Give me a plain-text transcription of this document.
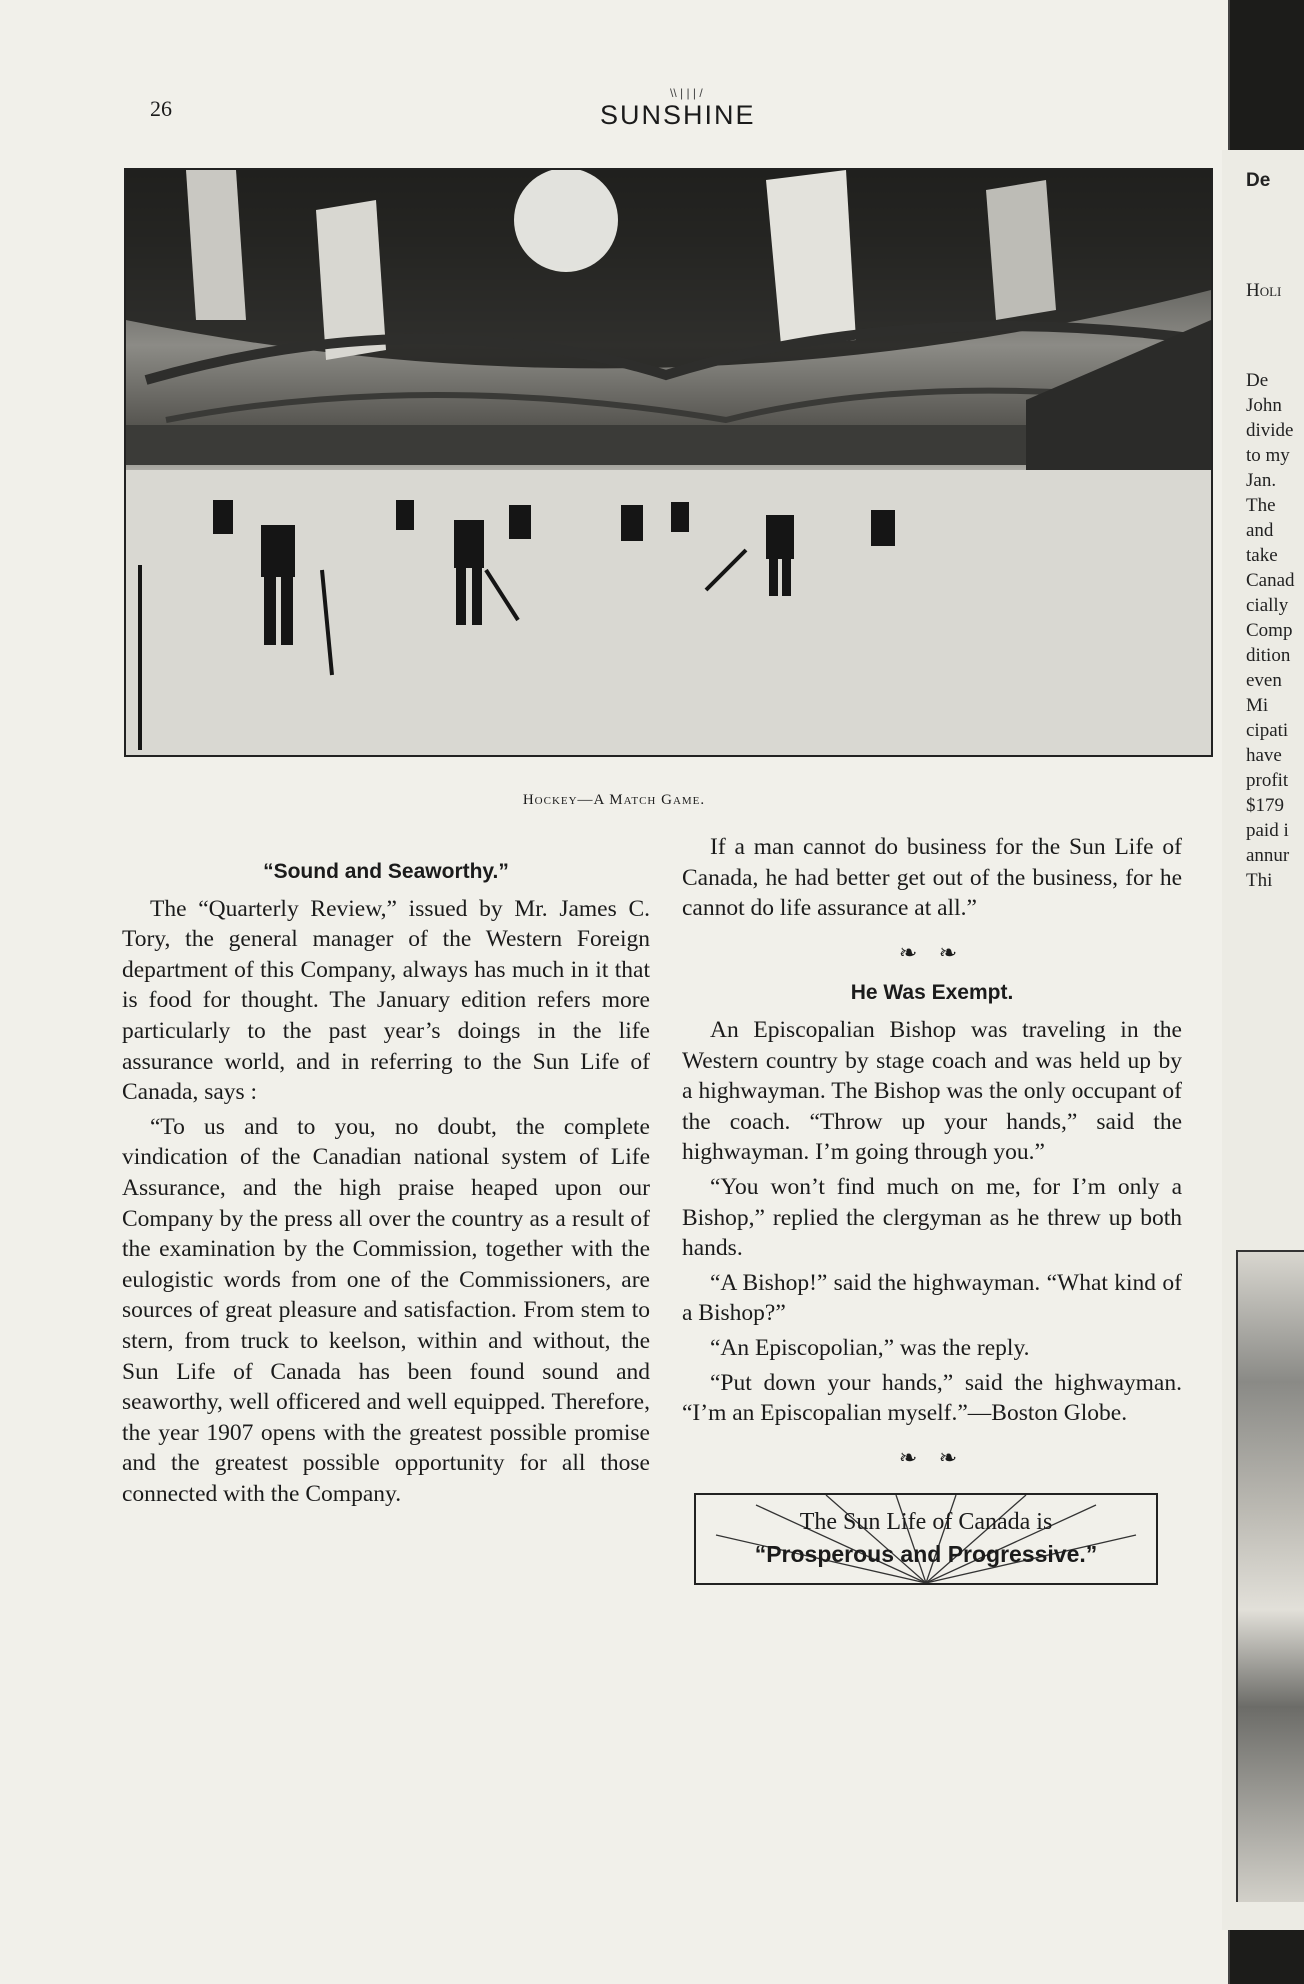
26
\\ | | | /
SUNSHINE
Hockey—A Match Game.

“Sound and Seaworthy.”

The “Quarterly Review,” issued by Mr. James C. Tory, the general manager of the Western Foreign department of this Company, always has much in it that is food for thought. The January edition refers more particularly to the past year’s doings in the life assurance world, and in referring to the Sun Life of Canada, says :

“To us and to you, no doubt, the complete vindication of the Canadian national system of Life Assurance, and the high praise heaped upon our Company by the press all over the country as a result of the examination by the Commission, together with the eulogistic words from one of the Commissioners, are sources of great pleasure and satisfaction. From stem to stern, from truck to keelson, within and without, the Sun Life of Canada has been found sound and seaworthy, well officered and well equipped. Therefore, the year 1907 opens with the greatest possible promise and the greatest possible opportunity for all those connected with the Company.

If a man cannot do business for the Sun Life of Canada, he had better get out of the business, for he cannot do life assurance at all.”

❧ ❧

He Was Exempt.

An Episcopalian Bishop was traveling in the Western country by stage coach and was held up by a highwayman. The Bishop was the only occupant of the coach. “Throw up your hands,” said the highwayman. I’m going through you.”

“You won’t find much on me, for I’m only a Bishop,” replied the clergyman as he threw up both hands.

“A Bishop!” said the highwayman. “What kind of a Bishop?”

“An Episcopolian,” was the reply.

“Put down your hands,” said the highwayman. “I’m an Episcopalian myself.”—Boston Globe.

❧ ❧
The Sun Life of Canada is
“Prosperous and Progressive.”
De
Holi
De
John
divide
to my
Jan.
The
and
take
Canad
cially
Comp
dition
even
Mi
cipati
have
profit
$179
paid i
annur
Thi
